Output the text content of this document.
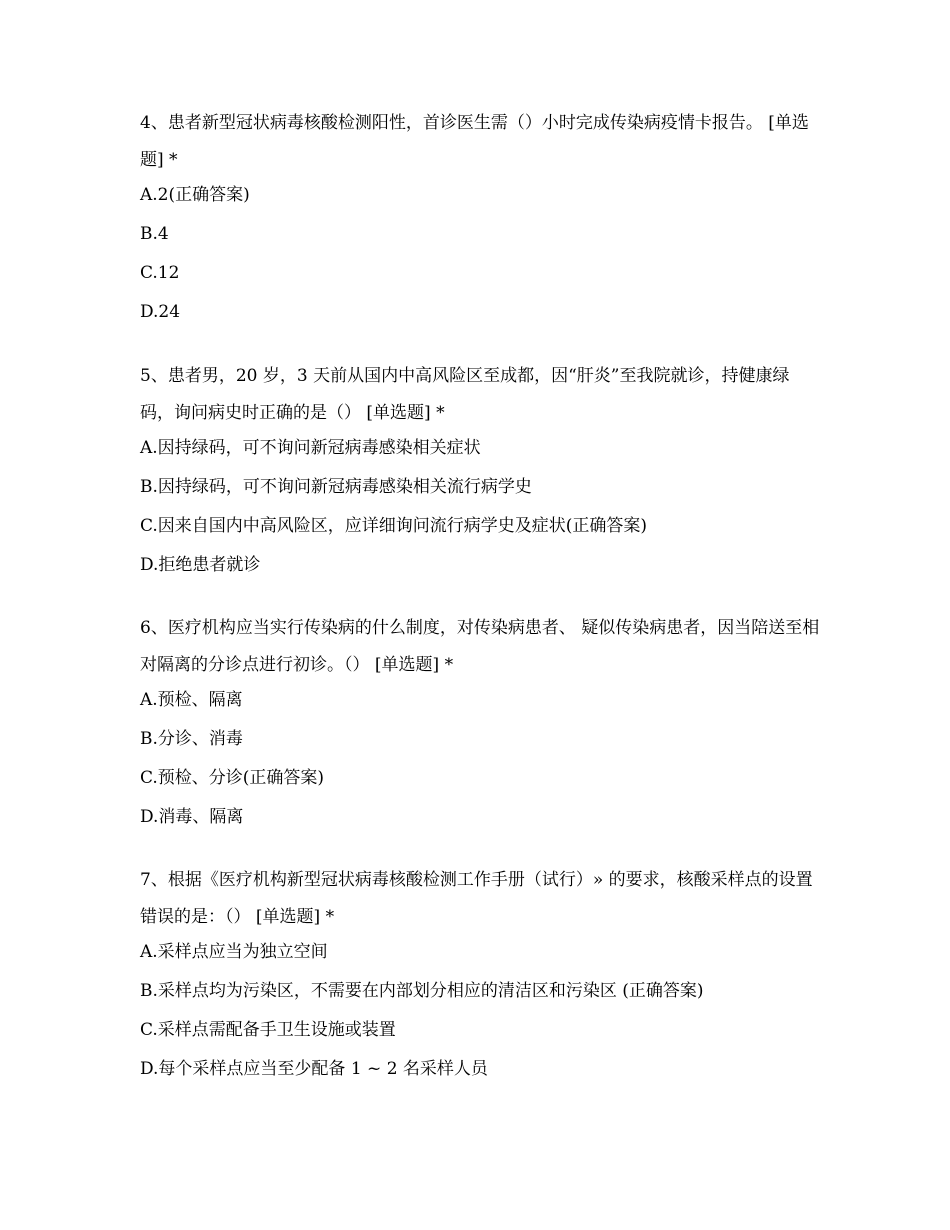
4、患者新型冠状病毒核酸检测阳性，首诊医生需（）小时完成传染病疫情卡报告。 [单选题] *

A.2(正确答案)
B.4
C.12
D.24

5、患者男，20 岁，3 天前从国内中高风险区至成都，因“肝炎”至我院就诊，持健康绿码，询问病史时正确的是（） [单选题] *

A.因持绿码，可不询问新冠病毒感染相关症状
B.因持绿码，可不询问新冠病毒感染相关流行病学史
C.因来自国内中高风险区，应详细询问流行病学史及症状(正确答案)
D.拒绝患者就诊

6、医疗机构应当实行传染病的什么制度，对传染病患者、 疑似传染病患者，因当陪送至相对隔离的分诊点进行初诊。（） [单选题] *

A.预检、隔离
B.分诊、消毒
C.预检、分诊(正确答案)
D.消毒、隔离

7、根据《医疗机构新型冠状病毒核酸检测工作手册（试行）» 的要求，核酸采样点的设置错误的是：（） [单选题] *

A.采样点应当为独立空间
B.采样点均为污染区，不需要在内部划分相应的清洁区和污染区 (正确答案)
C.采样点需配备手卫生设施或装置
D.每个采样点应当至少配备 1 ~ 2 名采样人员
